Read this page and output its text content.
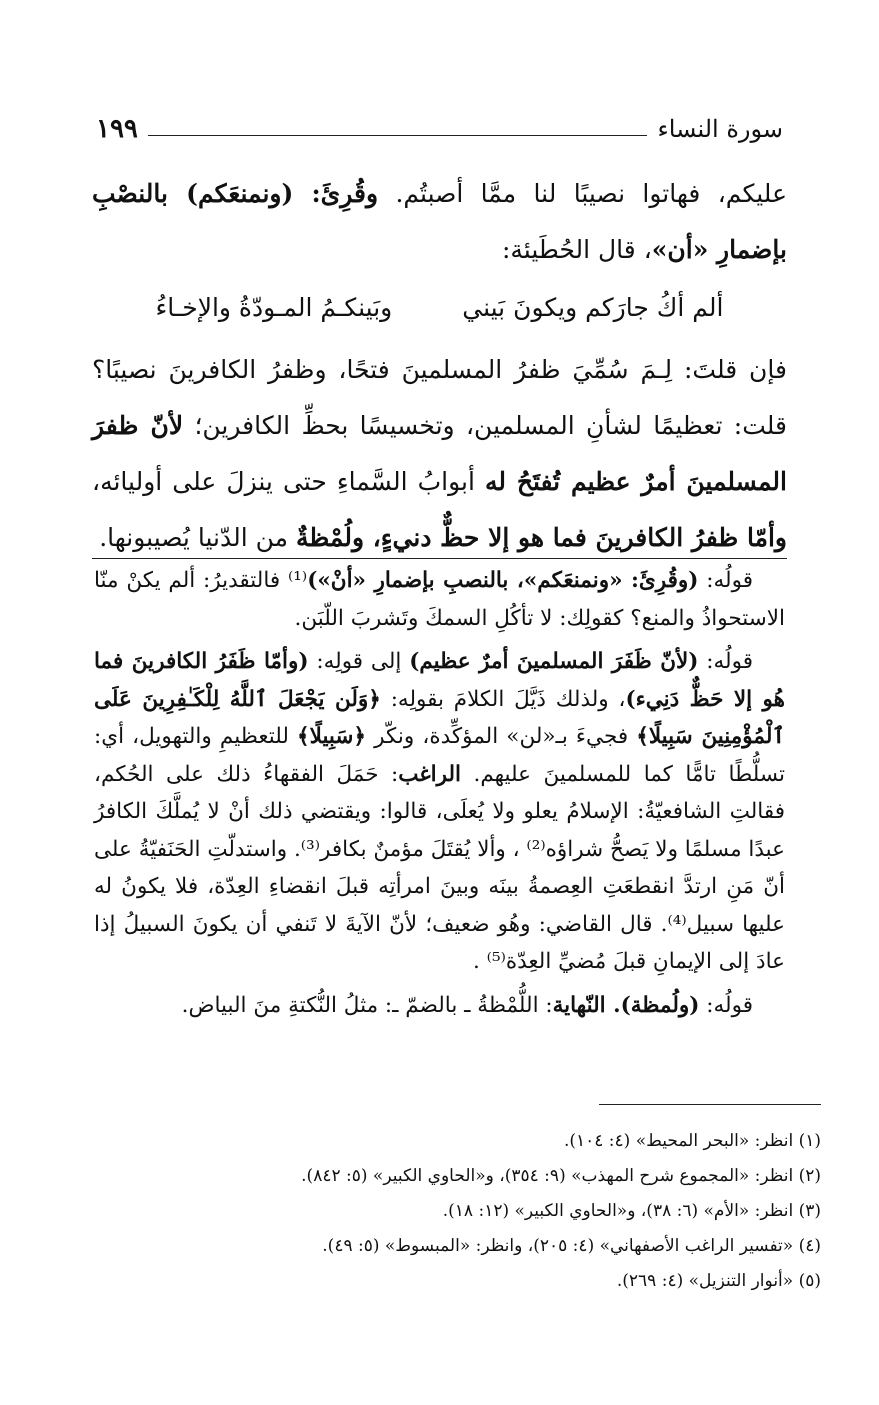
سورة النساء
١٩٩

عليكم، فهاتوا نصيبًا لنا ممَّا أصبتُم. وقُرِئَ: (ونمنعَكم) بالنصْبِ بإضمارِ «أن»، قال الحُطَيئة:

ألم أكُ جارَكم ويكونَ بَيني
وبَينكـمُ المـودّةُ والإخـاءُ

فإن قلتَ: لِـمَ سُمِّيَ ظفرُ المسلمينَ فتحًا، وظفرُ الكافرينَ نصيبًا؟ قلت: تعظيمًا لشأنِ المسلمين، وتخسيسًا بحظِّ الكافرين؛ لأنّ ظفرَ المسلمينَ أمرٌ عظيم تُفتَحُ له أبوابُ السَّماءِ حتى ينزلَ على أوليائه، وأمّا ظفرُ الكافرينَ فما هو إلا حظٌّ دنيءٍ، ولُمْظةٌ من الدّنيا يُصيبونها.

قولُه: (وقُرِئَ: «ونمنعَكم»، بالنصبِ بإضمارِ «أنْ»)⁽¹⁾ فالتقديرُ: ألم يكنْ منّا الاستحواذُ والمنع؟ كقولِك: لا تأكُلِ السمكَ وتَشربَ اللّبَن.

قولُه: (لأنّ ظَفَرَ المسلمينَ أمرٌ عظيم) إلى قولِه: (وأمّا ظَفَرُ الكافرينَ فما هُو إلا حَظٌّ دَنِيء)، ولذلك ذَيَّلَ الكلامَ بقولِه: ﴿وَلَن يَجْعَلَ ٱللَّهُ لِلْكَـٰفِرِينَ عَلَى ٱلْمُؤْمِنِينَ سَبِيلًا﴾ فجيءَ بـ«لن» المؤكِّدة، ونكّر ﴿سَبِيلًا﴾ للتعظيمِ والتهويل، أي: تسلُّطًا تامًّا كما للمسلمينَ عليهم. الراغب: حَمَلَ الفقهاءُ ذلك على الحُكم، فقالتِ الشافعيّةُ: الإسلامُ يعلو ولا يُعلَى، قالوا: ويقتضي ذلك أنْ لا يُملَّكَ الكافرُ عبدًا مسلمًا ولا يَصحُّ شراؤه⁽²⁾ ، وألا يُقتَلَ مؤمنٌ بكافر⁽³⁾. واستدلّتِ الحَنَفيّةُ على أنّ مَنِ ارتدَّ انقطعَتِ العِصمةُ بينَه وبينَ امرأتِه قبلَ انقضاءِ العِدّة، فلا يكونُ له عليها سبيل⁽⁴⁾. قال القاضي: وهُو ضعيف؛ لأنّ الآيةَ لا تَنفي أن يكونَ السبيلُ إذا عادَ إلى الإيمانِ قبلَ مُضيِّ العِدّة⁽⁵⁾ .

قولُه: (ولُمظة). النّهاية: اللُّمْظةُ ـ بالضمّ ـ: مثلُ النُّكتةِ منَ البياض.

(١) انظر: «البحر المحيط» (٤: ١٠٤).
(٢) انظر: «المجموع شرح المهذب» (٩: ٣٥٤)، و«الحاوي الكبير» (٥: ٨٤٢).
(٣) انظر: «الأم» (٦: ٣٨)، و«الحاوي الكبير» (١٢: ١٨).
(٤) «تفسير الراغب الأصفهاني» (٤: ٢٠٥)، وانظر: «المبسوط» (٥: ٤٩).
(٥) «أنوار التنزيل» (٤: ٢٦٩).
